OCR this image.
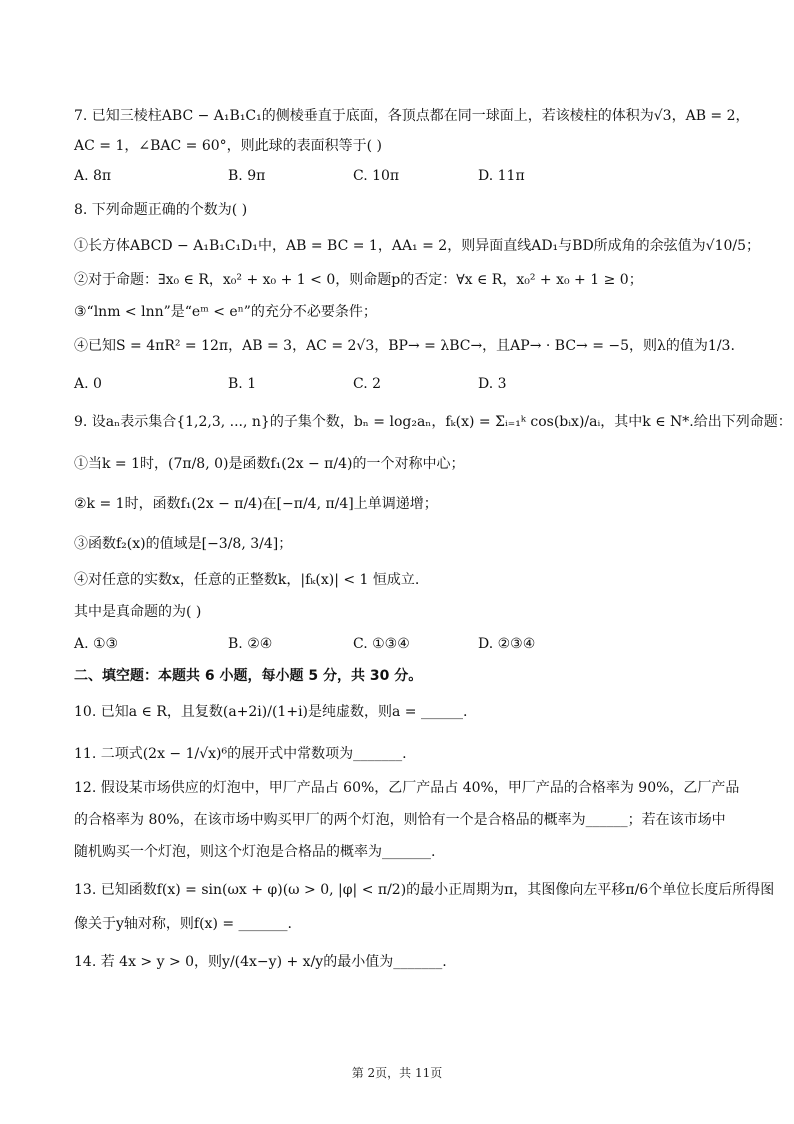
7. 已知三棱柱ABC − A₁B₁C₁的侧棱垂直于底面，各顶点都在同一球面上，若该棱柱的体积为√3，AB = 2，
AC = 1，∠BAC = 60°，则此球的表面积等于( )
A. 8π	B. 9π	C. 10π	D. 11π
8. 下列命题正确的个数为( )
①长方体ABCD − A₁B₁C₁D₁中，AB = BC = 1，AA₁ = 2，则异面直线AD₁与BD所成角的余弦值为√10/5；
②对于命题：∃x₀ ∈ R，x₀² + x₀ + 1 < 0，则命题p的否定：∀x ∈ R，x₀² + x₀ + 1 ≥ 0；
③“lnm < lnn”是“eᵐ < eⁿ”的充分不必要条件；
④已知S = 4πR² = 12π，AB = 3，AC = 2√3，BP→ = λBC→，且AP→ · BC→ = −5，则λ的值为1/3.
A. 0	B. 1	C. 2	D. 3
9. 设aₙ表示集合{1,2,3, ..., n}的子集个数，bₙ = log₂aₙ，fₖ(x) = Σᵢ₌₁ᵏ cos(bᵢx)/aᵢ，其中k ∈ N*.给出下列命题：
①当k = 1时，(7π/8, 0)是函数f₁(2x − π/4)的一个对称中心；
②k = 1时，函数f₁(2x − π/4)在[−π/4, π/4]上单调递增；
③函数f₂(x)的值域是[−3/8, 3/4]；
④对任意的实数x，任意的正整数k，|fₖ(x)| < 1 恒成立.
其中是真命题的为( )
A. ①③	B. ②④	C. ①③④	D. ②③④
二、填空题：本题共 6 小题，每小题 5 分，共 30 分。
10. 已知a ∈ R，且复数(a+2i)/(1+i)是纯虚数，则a = ______.
11. 二项式(2x − 1/√x)⁶的展开式中常数项为_______.
12. 假设某市场供应的灯泡中，甲厂产品占 60%，乙厂产品占 40%，甲厂产品的合格率为 90%，乙厂产品
的合格率为 80%，在该市场中购买甲厂的两个灯泡，则恰有一个是合格品的概率为______；若在该市场中
随机购买一个灯泡，则这个灯泡是合格品的概率为_______.
13. 已知函数f(x) = sin(ωx + φ)(ω > 0, |φ| < π/2)的最小正周期为π，其图像向左平移π/6个单位长度后所得图
像关于y轴对称，则f(x) = _______.
14. 若 4x > y > 0，则y/(4x−y) + x/y的最小值为_______.
第 2页，共 11页
